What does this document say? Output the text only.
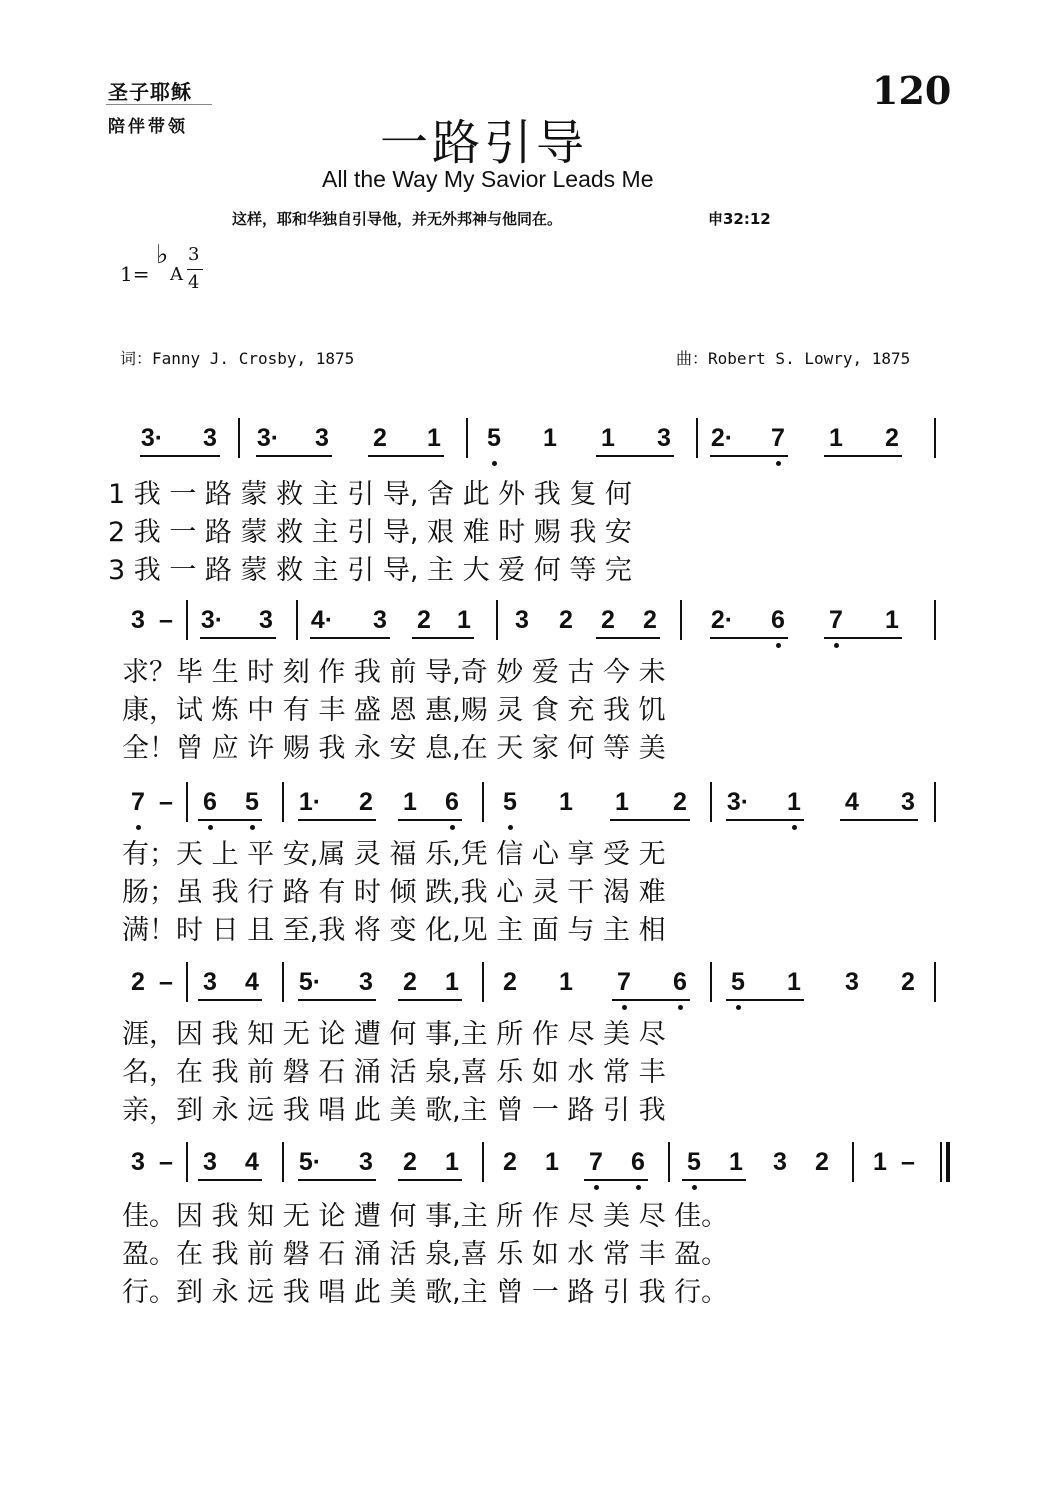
圣子耶稣
陪伴带领
120
一路引导
All the Way My Savior Leads Me
这样，耶和华独自引导他，并无外邦神与他同在。	申32:12
1=
♭
A
3
4
词：Fanny J. Crosby, 1875	曲：Robert S. Lowry, 1875
3· 3 3· 3 2 1 5 1 1 3 2· 7 1 2
1 我 一 路 蒙 救 主 引 导, 舍 此 外 我 复 何
2 我 一 路 蒙 救 主 引 导, 艰 难 时 赐 我 安
3 我 一 路 蒙 救 主 引 导, 主 大 爱 何 等 完
3 – 3· 3 4· 3 2 1 3 2 2 2 2· 6 7 1
求？毕 生 时 刻 作 我 前 导,奇 妙 爱 古 今 未
康，试 炼 中 有 丰 盛 恩 惠,赐 灵 食 充 我 饥
全！曾 应 许 赐 我 永 安 息,在 天 家 何 等 美
7 – 6 5 1· 2 1 6 5 1 1 2 3· 1 4 3
有；天 上 平 安,属 灵 福 乐,凭 信 心 享 受 无
肠；虽 我 行 路 有 时 倾 跌,我 心 灵 干 渴 难
满！时 日 且 至,我 将 变 化,见 主 面 与 主 相
2 – 3 4 5· 3 2 1 2 1 7 6 5 1 3 2
涯，因 我 知 无 论 遭 何 事,主 所 作 尽 美 尽
名，在 我 前 磐 石 涌 活 泉,喜 乐 如 水 常 丰
亲，到 永 远 我 唱 此 美 歌,主 曾 一 路 引 我
3 – 3 4 5· 3 2 1 2 1 7 6 5 1 3 2 1 –
佳。因 我 知 无 论 遭 何 事,主 所 作 尽 美 尽 佳。
盈。在 我 前 磐 石 涌 活 泉,喜 乐 如 水 常 丰 盈。
行。到 永 远 我 唱 此 美 歌,主 曾 一 路 引 我 行。
